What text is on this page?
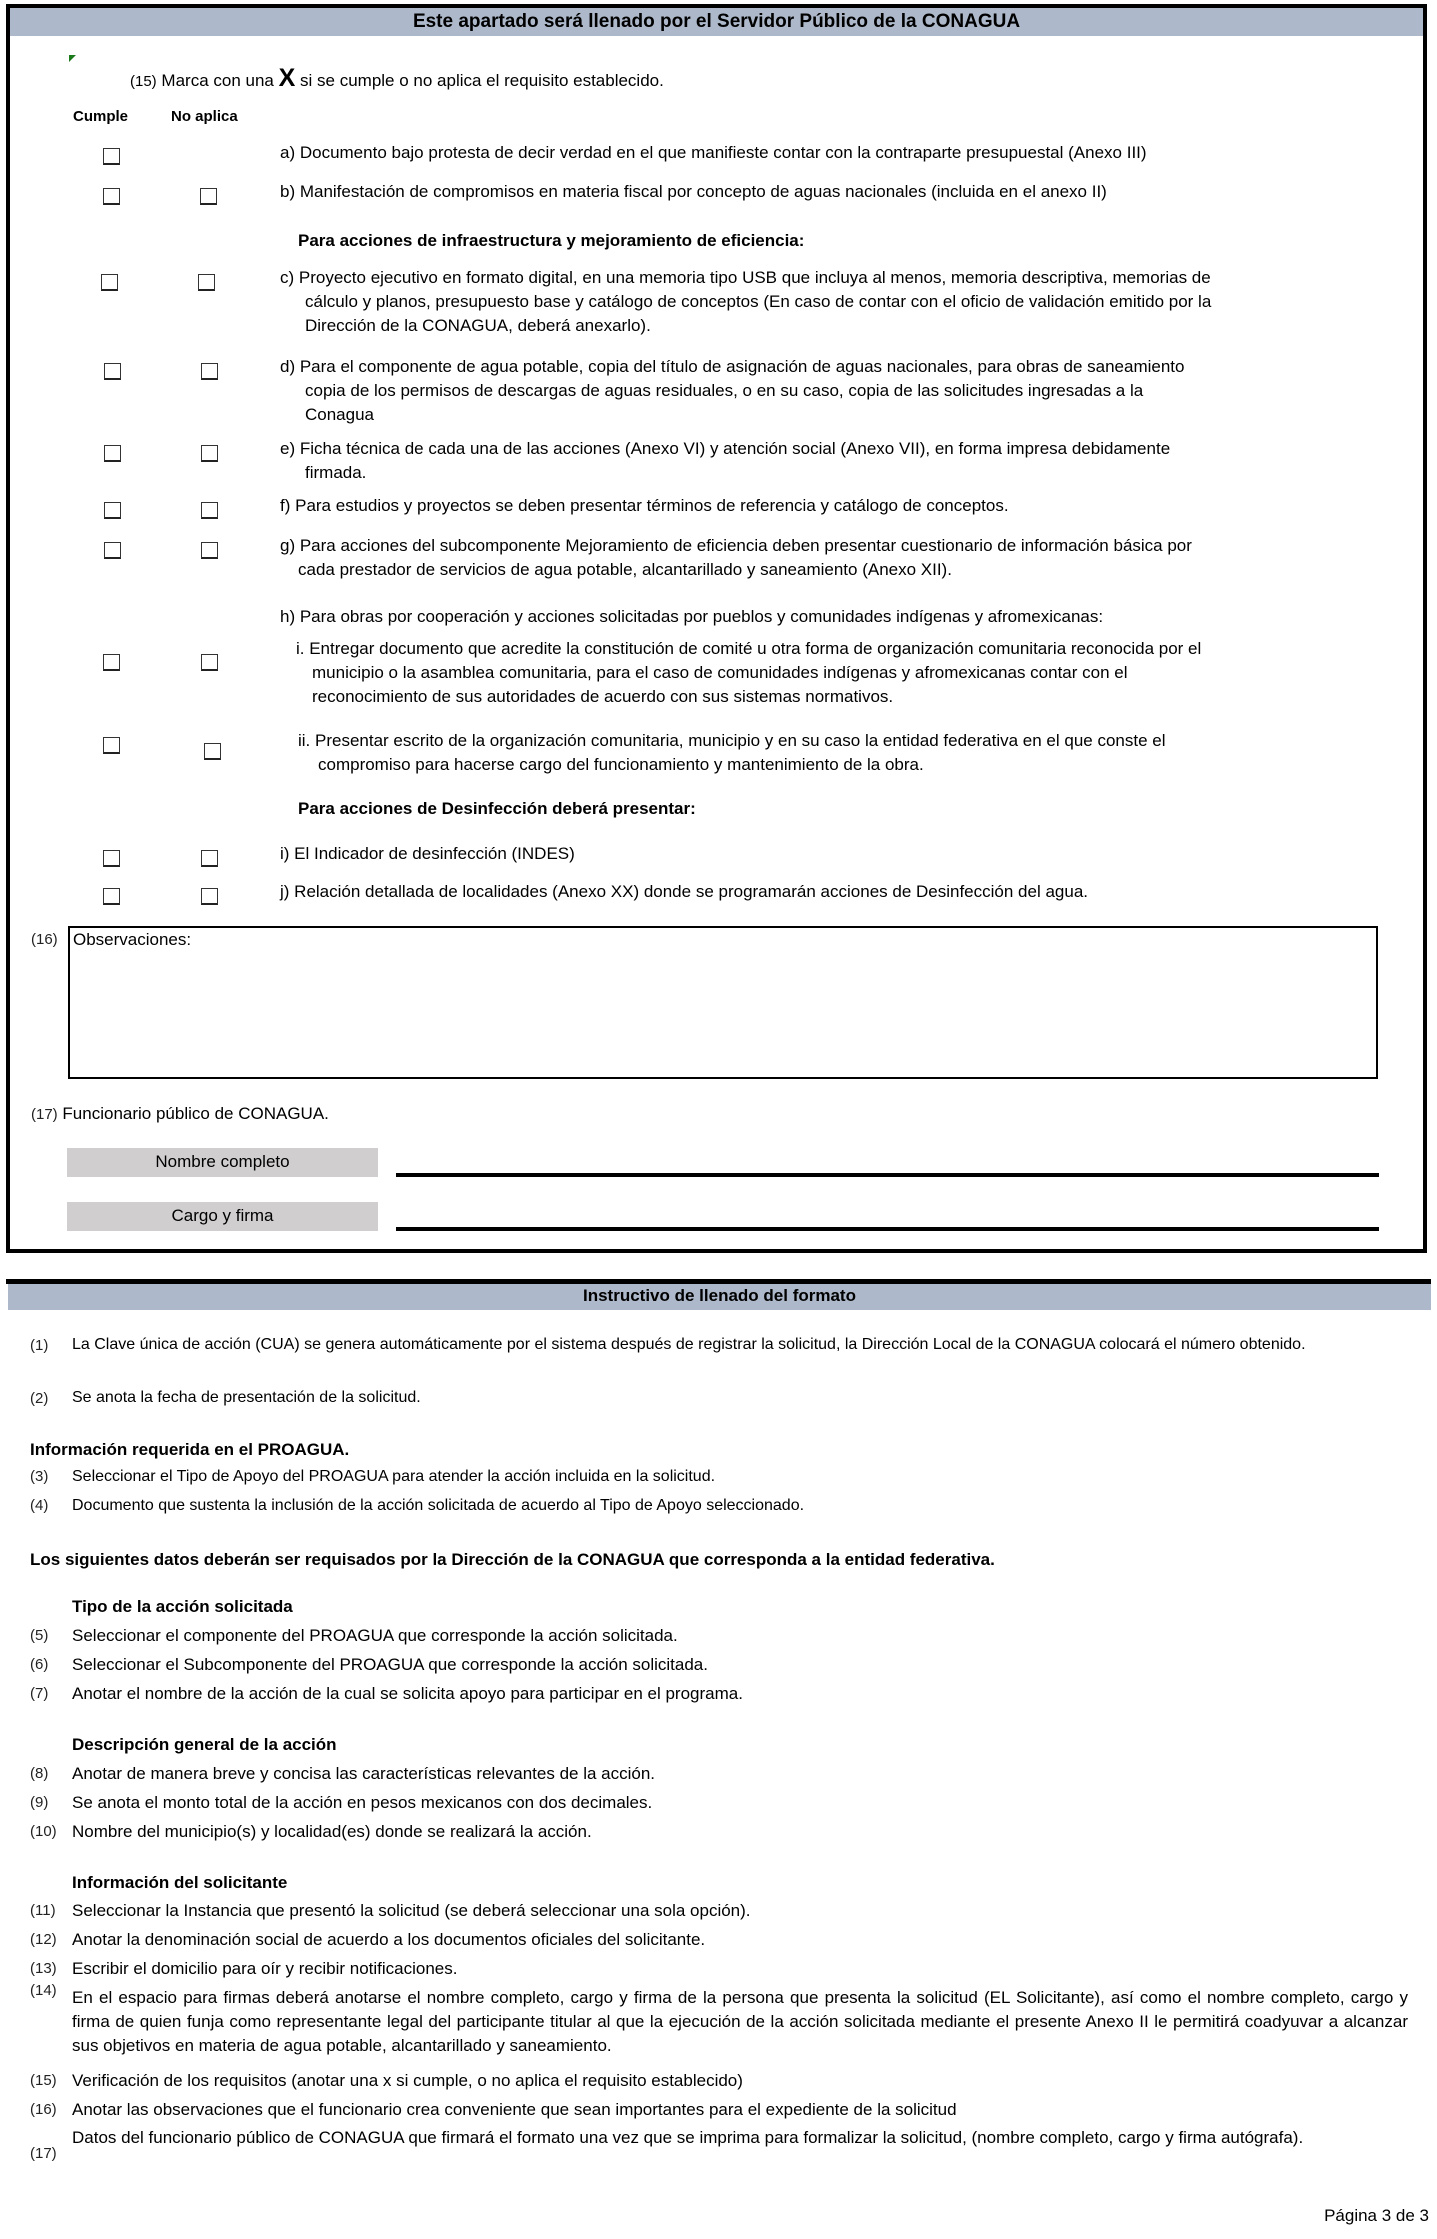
Este apartado será llenado por el Servidor Público de la CONAGUA
(15) Marca con una X si se cumple o no aplica el requisito establecido.
Cumple	No aplica
a) Documento bajo protesta de decir verdad en el que manifieste contar con la contraparte presupuestal (Anexo III)
b) Manifestación de compromisos en materia fiscal por concepto de aguas nacionales (incluida en el anexo II)
Para acciones de infraestructura y mejoramiento de eficiencia:
c) Proyecto ejecutivo en formato digital, en una memoria tipo USB que incluya al menos, memoria descriptiva, memorias de
cálculo y planos, presupuesto base y catálogo de conceptos (En caso de contar con el oficio de validación emitido por la
Dirección de la CONAGUA, deberá anexarlo).
d) Para el componente de agua potable, copia del título de asignación de aguas nacionales, para obras de saneamiento
copia de los permisos de descargas de aguas residuales, o en su caso, copia de las solicitudes ingresadas a la
Conagua
e) Ficha técnica de cada una de las acciones (Anexo VI) y atención social (Anexo VII), en forma impresa debidamente
firmada.
f) Para estudios y proyectos se deben presentar términos de referencia y catálogo de conceptos.
g) Para acciones del subcomponente Mejoramiento de eficiencia deben presentar cuestionario de información básica por
cada prestador de servicios de agua potable, alcantarillado y saneamiento (Anexo XII).
h) Para obras por cooperación y acciones solicitadas por pueblos y comunidades indígenas y afromexicanas:
i. Entregar documento que acredite la constitución de comité u otra forma de organización comunitaria reconocida por el
municipio o la asamblea comunitaria, para el caso de comunidades indígenas y afromexicanas contar con el
reconocimiento de sus autoridades de acuerdo con sus sistemas normativos.
ii. Presentar escrito de la organización comunitaria, municipio y en su caso la entidad federativa en el que conste el
compromiso para hacerse cargo del funcionamiento y mantenimiento de la obra.
Para acciones de Desinfección deberá presentar:
i) El Indicador de desinfección (INDES)
j) Relación detallada de localidades (Anexo XX) donde se programarán acciones de Desinfección del agua.
(16) Observaciones:
(17) Funcionario público de CONAGUA.
Nombre completo
Cargo y firma
Instructivo de llenado del formato
(1) La Clave única de acción (CUA) se genera automáticamente por el sistema después de registrar la solicitud, la Dirección Local de la CONAGUA colocará el número obtenido.
(2) Se anota la fecha de presentación de la solicitud.
Información requerida en el PROAGUA.
(3) Seleccionar el Tipo de Apoyo del PROAGUA para atender la acción incluida en la solicitud.
(4) Documento que sustenta la inclusión de la acción solicitada de acuerdo al Tipo de Apoyo seleccionado.
Los siguientes datos deberán ser requisados por la Dirección de la CONAGUA que corresponda a la entidad federativa.
Tipo de la acción solicitada
(5) Seleccionar el componente del PROAGUA que corresponde la acción solicitada.
(6) Seleccionar el Subcomponente del PROAGUA que corresponde la acción solicitada.
(7) Anotar el nombre de la acción de la cual se solicita apoyo para participar en el programa.
Descripción general de la acción
(8) Anotar de manera breve y concisa las características relevantes de la acción.
(9) Se anota el monto total de la acción en pesos mexicanos con dos decimales.
(10) Nombre del municipio(s) y localidad(es) donde se realizará la acción.
Información del solicitante
(11) Seleccionar la Instancia que presentó la solicitud (se deberá seleccionar una sola opción).
(12) Anotar la denominación social de acuerdo a los documentos oficiales del solicitante.
(13) Escribir el domicilio para oír y recibir notificaciones.
(14) En el espacio para firmas deberá anotarse el nombre completo, cargo y firma de la persona que presenta la solicitud (EL Solicitante), así como el nombre completo, cargo y firma de quien funja como representante legal del participante titular al que la ejecución de la acción solicitada mediante el presente Anexo II le permitirá coadyuvar a alcanzar sus objetivos en materia de agua potable, alcantarillado y saneamiento.
(15) Verificación de los requisitos (anotar una x si cumple, o no aplica el requisito establecido)
(16) Anotar las observaciones que el funcionario crea conveniente que sean importantes para el expediente de la solicitud
(17)
Datos del funcionario público de CONAGUA que firmará el formato una vez que se imprima para formalizar la solicitud, (nombre completo, cargo y firma autógrafa).
Página 3 de 3
